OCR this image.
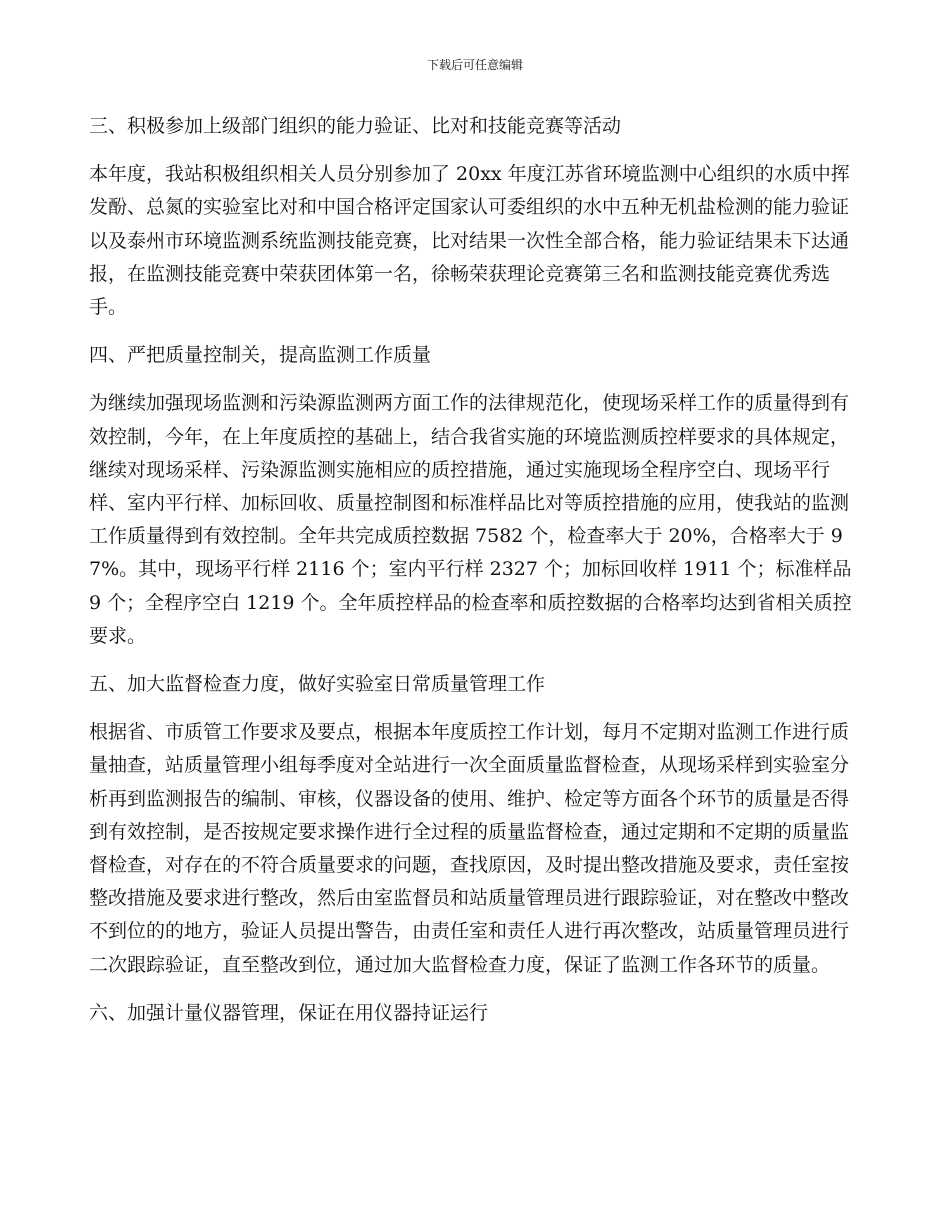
下载后可任意编辑

三、积极参加上级部门组织的能力验证、比对和技能竞赛等活动

本年度，我站积极组织相关人员分别参加了 20xx 年度江苏省环境监测中心组织的水质中挥发酚、总氮的实验室比对和中国合格评定国家认可委组织的水中五种无机盐检测的能力验证以及泰州市环境监测系统监测技能竞赛，比对结果一次性全部合格，能力验证结果未下达通报，在监测技能竞赛中荣获团体第一名，徐畅荣获理论竞赛第三名和监测技能竞赛优秀选手。

四、严把质量控制关，提高监测工作质量

为继续加强现场监测和污染源监测两方面工作的法律规范化，使现场采样工作的质量得到有效控制，今年，在上年度质控的基础上，结合我省实施的环境监测质控样要求的具体规定，继续对现场采样、污染源监测实施相应的质控措施，通过实施现场全程序空白、现场平行样、室内平行样、加标回收、质量控制图和标准样品比对等质控措施的应用，使我站的监测工作质量得到有效控制。全年共完成质控数据 7582 个，检查率大于 20%，合格率大于 97%。其中，现场平行样 2116 个；室内平行样 2327 个；加标回收样 1911 个；标准样品 9 个；全程序空白 1219 个。全年质控样品的检查率和质控数据的合格率均达到省相关质控要求。

五、加大监督检查力度，做好实验室日常质量管理工作

根据省、市质管工作要求及要点，根据本年度质控工作计划，每月不定期对监测工作进行质量抽查，站质量管理小组每季度对全站进行一次全面质量监督检查，从现场采样到实验室分析再到监测报告的编制、审核，仪器设备的使用、维护、检定等方面各个环节的质量是否得到有效控制，是否按规定要求操作进行全过程的质量监督检查，通过定期和不定期的质量监督检查，对存在的不符合质量要求的问题，查找原因，及时提出整改措施及要求，责任室按整改措施及要求进行整改，然后由室监督员和站质量管理员进行跟踪验证，对在整改中整改不到位的的地方，验证人员提出警告，由责任室和责任人进行再次整改，站质量管理员进行二次跟踪验证，直至整改到位，通过加大监督检查力度，保证了监测工作各环节的质量。

六、加强计量仪器管理，保证在用仪器持证运行
